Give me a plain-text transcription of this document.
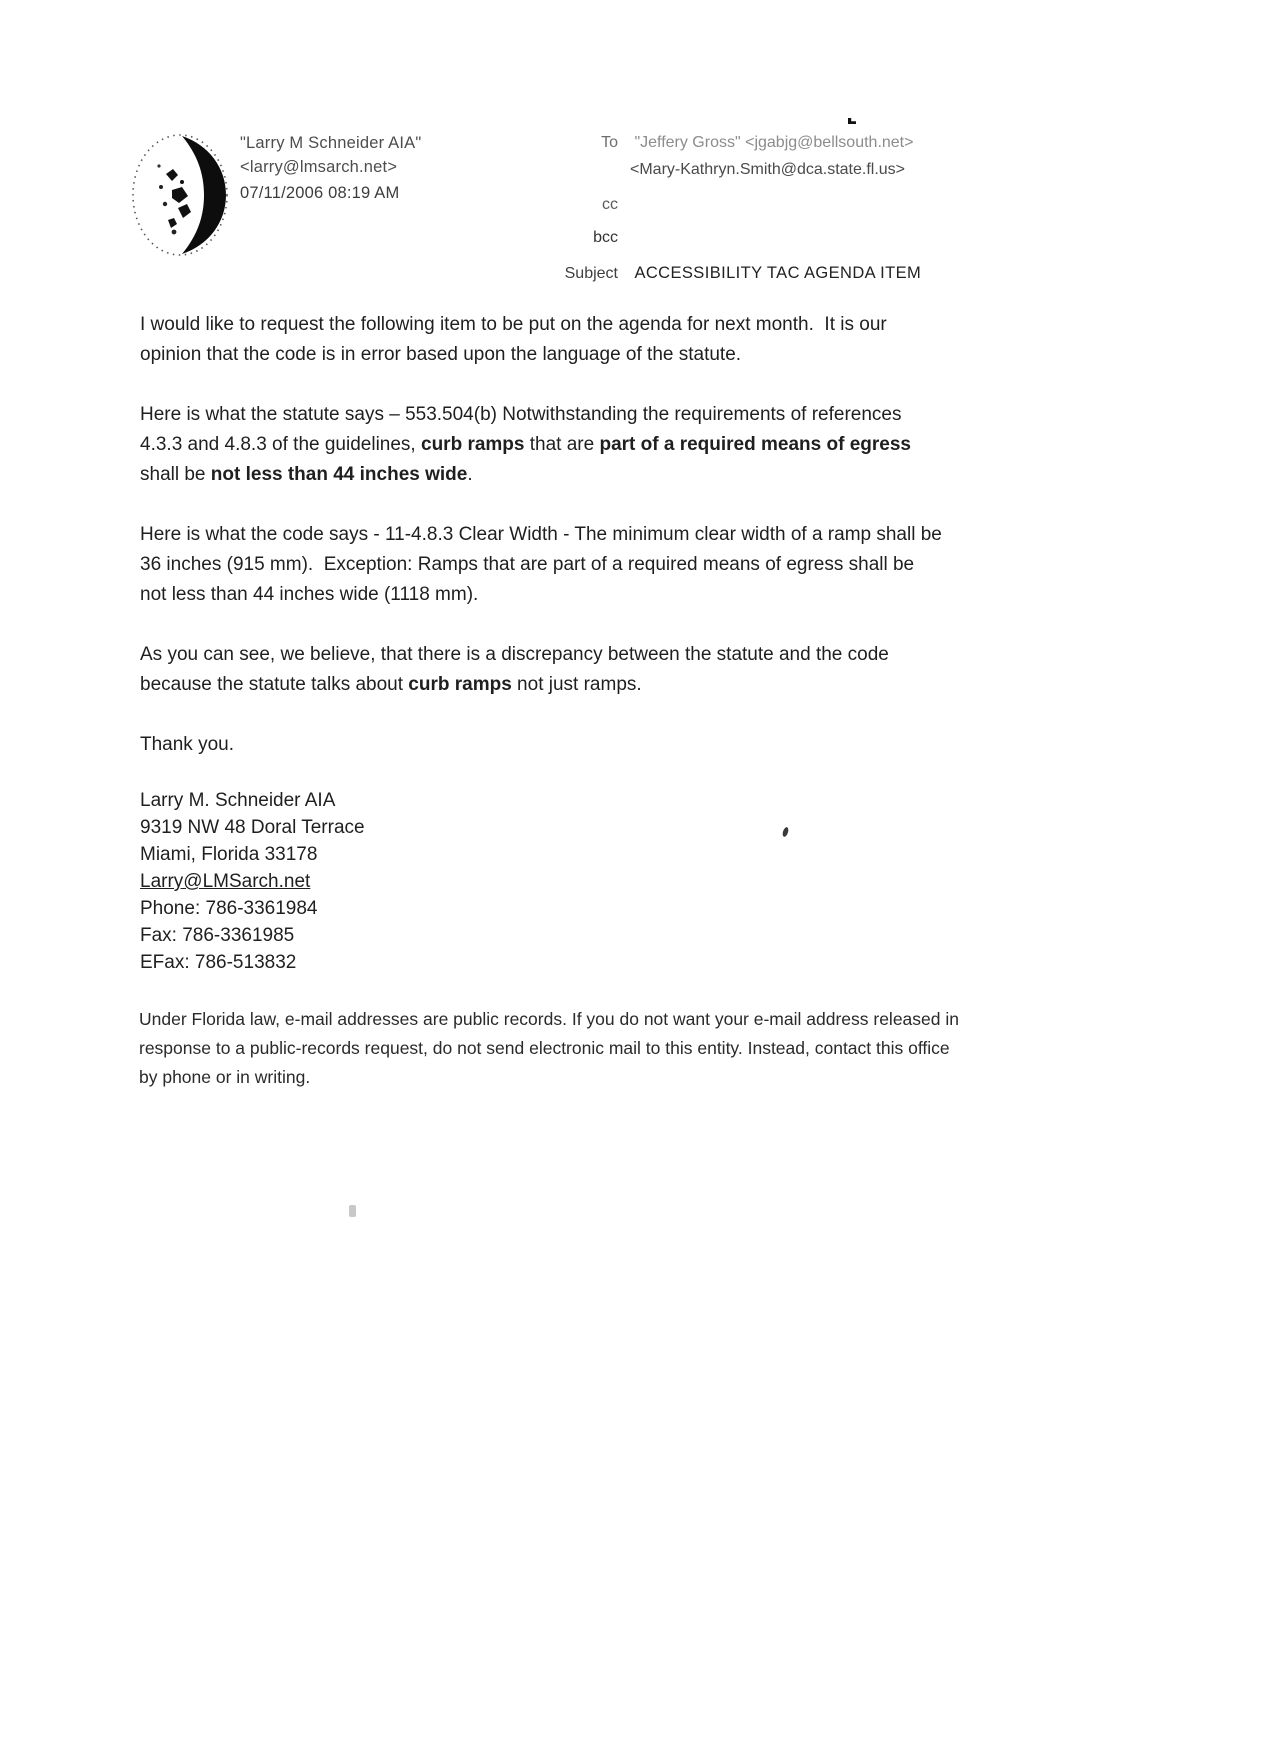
"Larry M Schneider AIA"
<larry@lmsarch.net>
07/11/2006 08:19 AM
To "Jeffery Gross" <jgabjg@bellsouth.net>
<Mary-Kathryn.Smith@dca.state.fl.us>
cc
bcc
Subject ACCESSIBILITY TAC AGENDA ITEM
I would like to request the following item to be put on the agenda for next month.  It is our
opinion that the code is in error based upon the language of the statute.
Here is what the statute says – 553.504(b) Notwithstanding the requirements of references
4.3.3 and 4.8.3 of the guidelines, curb ramps that are part of a required means of egress
shall be not less than 44 inches wide.
Here is what the code says - 11-4.8.3 Clear Width - The minimum clear width of a ramp shall be
36 inches (915 mm).  Exception: Ramps that are part of a required means of egress shall be
not less than 44 inches wide (1118 mm).
As you can see, we believe, that there is a discrepancy between the statute and the code
because the statute talks about curb ramps not just ramps.
Thank you.
Larry M. Schneider AIA
9319 NW 48 Doral Terrace
Miami, Florida 33178
Larry@LMSarch.net
Phone: 786-3361984
Fax: 786-3361985
EFax: 786-513832
Under Florida law, e-mail addresses are public records. If you do not want your e-mail address released in
response to a public-records request, do not send electronic mail to this entity. Instead, contact this office
by phone or in writing.
